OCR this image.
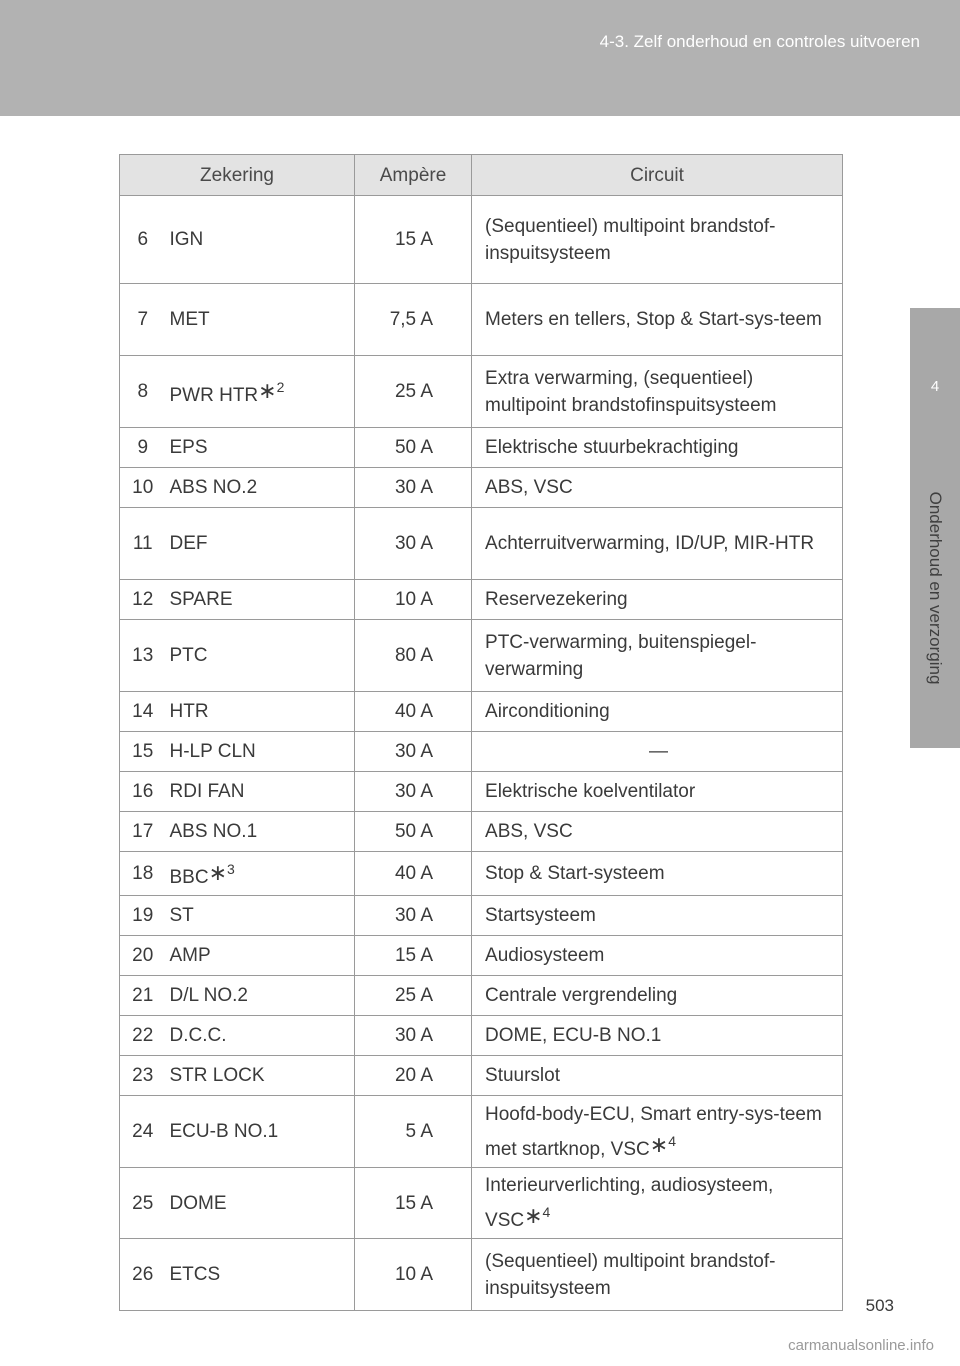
4-3. Zelf onderhoud en controles uitvoeren
4
Onderhoud en verzorging
Zekering		Ampère	Circuit
6	IGN	15 A	(Sequentieel) multipoint brandstof-inspuitsysteem
7	MET	7,5 A	Meters en tellers, Stop & Start-sys-teem
8	PWR HTR∗$^2$	25 A	Extra verwarming, (sequentieel) multipoint brandstofinspuitsysteem
9	EPS	50 A	Elektrische stuurbekrachtiging
10	ABS NO.2	30 A	ABS, VSC
11	DEF	30 A	Achterruitverwarming, ID/UP, MIR-HTR
12	SPARE	10 A	Reservezekering
13	PTC	80 A	PTC-verwarming, buitenspiegel-verwarming
14	HTR	40 A	Airconditioning
15	H-LP CLN	30 A	—
16	RDI FAN	30 A	Elektrische koelventilator
17	ABS NO.1	50 A	ABS, VSC
18	BBC∗$^3$	40 A	Stop & Start-systeem
19	ST	30 A	Startsysteem
20	AMP	15 A	Audiosysteem
21	D/L NO.2	25 A	Centrale vergrendeling
22	D.C.C.	30 A	DOME, ECU-B NO.1
23	STR LOCK	20 A	Stuurslot
24	ECU-B NO.1	5 A	Hoofd-body-ECU, Smart entry-sys-teem met startknop, VSC∗$^4$
25	DOME	15 A	Interieurverlichting, audiosysteem, VSC∗$^4$
26	ETCS	10 A	(Sequentieel) multipoint brandstof-inspuitsysteem
503
carmanualsonline.info
